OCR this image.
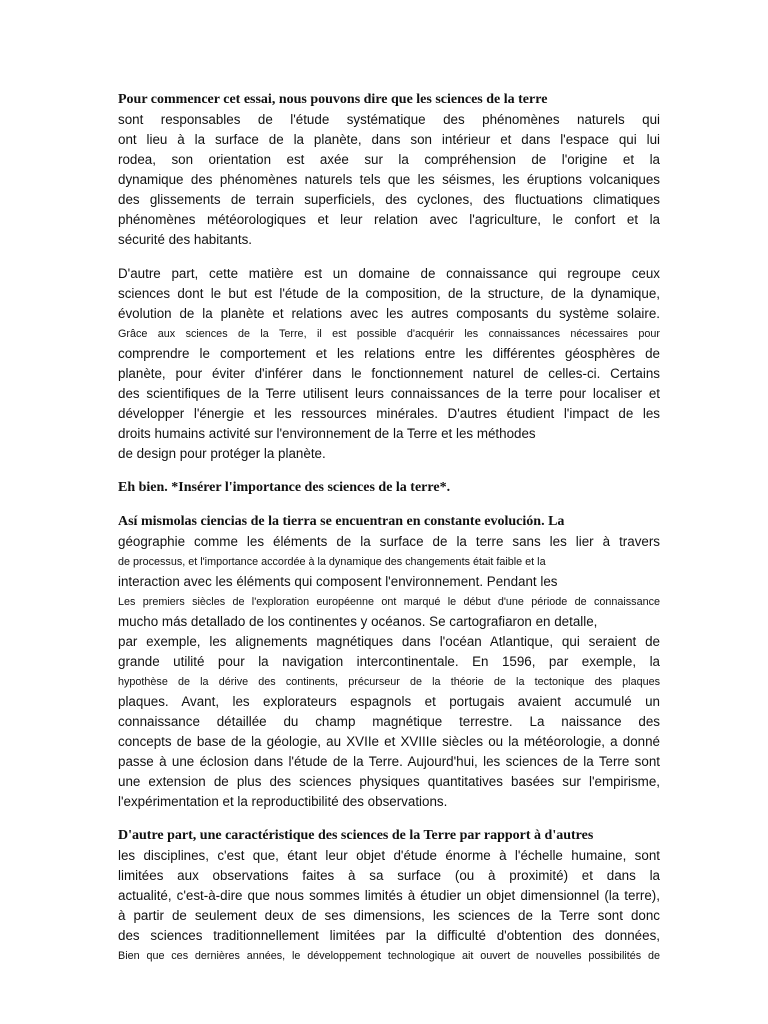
Pour commencer cet essai, nous pouvons dire que les sciences de la terre
sont responsables de l'étude systématique des phénomènes naturels qui
ont lieu à la surface de la planète, dans son intérieur et dans l'espace qui lui
rodea, son orientation est axée sur la compréhension de l'origine et la
dynamique des phénomènes naturels tels que les séismes, les éruptions volcaniques
des glissements de terrain superficiels, des cyclones, des fluctuations climatiques
phénomènes météorologiques et leur relation avec l'agriculture, le confort et la
sécurité des habitants.
D'autre part, cette matière est un domaine de connaissance qui regroupe ceux
sciences dont le but est l'étude de la composition, de la structure, de la dynamique,
évolution de la planète et relations avec les autres composants du système solaire.
Grâce aux sciences de la Terre, il est possible d'acquérir les connaissances nécessaires pour
comprendre le comportement et les relations entre les différentes géosphères de
planète, pour éviter d'inférer dans le fonctionnement naturel de celles-ci. Certains
des scientifiques de la Terre utilisent leurs connaissances de la terre pour localiser et
développer l'énergie et les ressources minérales. D'autres étudient l'impact de les
droits humains activité sur l'environnement de la Terre et les méthodes
de design pour protéger la planète.
Eh bien. *Insérer l'importance des sciences de la terre*.
Así mismolas ciencias de la tierra se encuentran en constante evolución. La
géographie comme les éléments de la surface de la terre sans les lier à travers
de processus, et l'importance accordée à la dynamique des changements était faible et la
interaction avec les éléments qui composent l'environnement. Pendant les
Les premiers siècles de l'exploration européenne ont marqué le début d'une période de connaissance
mucho más detallado de los continentes y océanos. Se cartografiaron en detalle,
par exemple, les alignements magnétiques dans l'océan Atlantique, qui seraient de
grande utilité pour la navigation intercontinentale. En 1596, par exemple, la
hypothèse de la dérive des continents, précurseur de la théorie de la tectonique des plaques
plaques. Avant, les explorateurs espagnols et portugais avaient accumulé un
connaissance détaillée du champ magnétique terrestre. La naissance des
concepts de base de la géologie, au XVIIe et XVIIIe siècles ou la météorologie, a donné
passe à une éclosion dans l'étude de la Terre. Aujourd'hui, les sciences de la Terre sont
une extension de plus des sciences physiques quantitatives basées sur l'empirisme,
l'expérimentation et la reproductibilité des observations.
D'autre part, une caractéristique des sciences de la Terre par rapport à d'autres
les disciplines, c'est que, étant leur objet d'étude énorme à l'échelle humaine, sont
limitées aux observations faites à sa surface (ou à proximité) et dans la
actualité, c'est-à-dire que nous sommes limités à étudier un objet dimensionnel (la terre),
à partir de seulement deux de ses dimensions, les sciences de la Terre sont donc
des sciences traditionnellement limitées par la difficulté d'obtention des données,
Bien que ces dernières années, le développement technologique ait ouvert de nouvelles possibilités de
